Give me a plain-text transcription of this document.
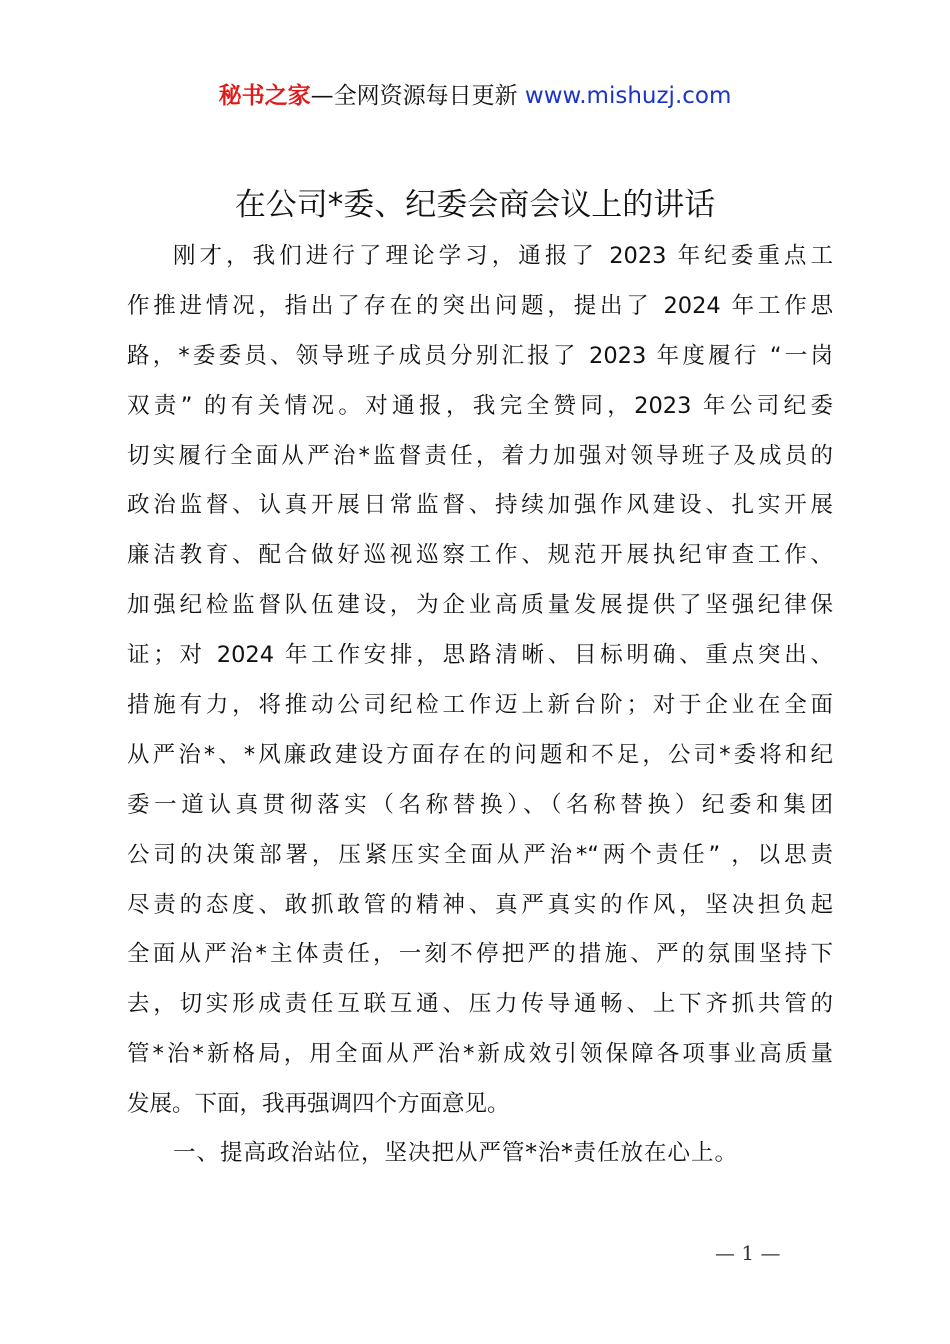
秘书之家—全网资源每日更新 www.mishuzj.com
在公司*委、纪委会商会议上的讲话
刚才，我们进行了理论学习，通报了 2023 年纪委重点工
作推进情况，指出了存在的突出问题，提出了 2024 年工作思
路，*委委员、领导班子成员分别汇报了 2023 年度履行 “一岗
双责” 的有关情况。对通报，我完全赞同，2023 年公司纪委
切实履行全面从严治*监督责任，着力加强对领导班子及成员的
政治监督、认真开展日常监督、持续加强作风建设、扎实开展
廉洁教育、配合做好巡视巡察工作、规范开展执纪审查工作、
加强纪检监督队伍建设，为企业高质量发展提供了坚强纪律保
证；对 2024 年工作安排，思路清晰、目标明确、重点突出、
措施有力，将推动公司纪检工作迈上新台阶；对于企业在全面
从严治*、*风廉政建设方面存在的问题和不足，公司*委将和纪
委一道认真贯彻落实（名称替换）、（名称替换）纪委和集团
公司的决策部署，压紧压实全面从严治*“两个责任” ，以思责
尽责的态度、敢抓敢管的精神、真严真实的作风，坚决担负起
全面从严治*主体责任，一刻不停把严的措施、严的氛围坚持下
去，切实形成责任互联互通、压力传导通畅、上下齐抓共管的
管*治*新格局，用全面从严治*新成效引领保障各项事业高质量
发展。下面，我再强调四个方面意见。
一、提高政治站位，坚决把从严管*治*责任放在心上。
— 1 —
